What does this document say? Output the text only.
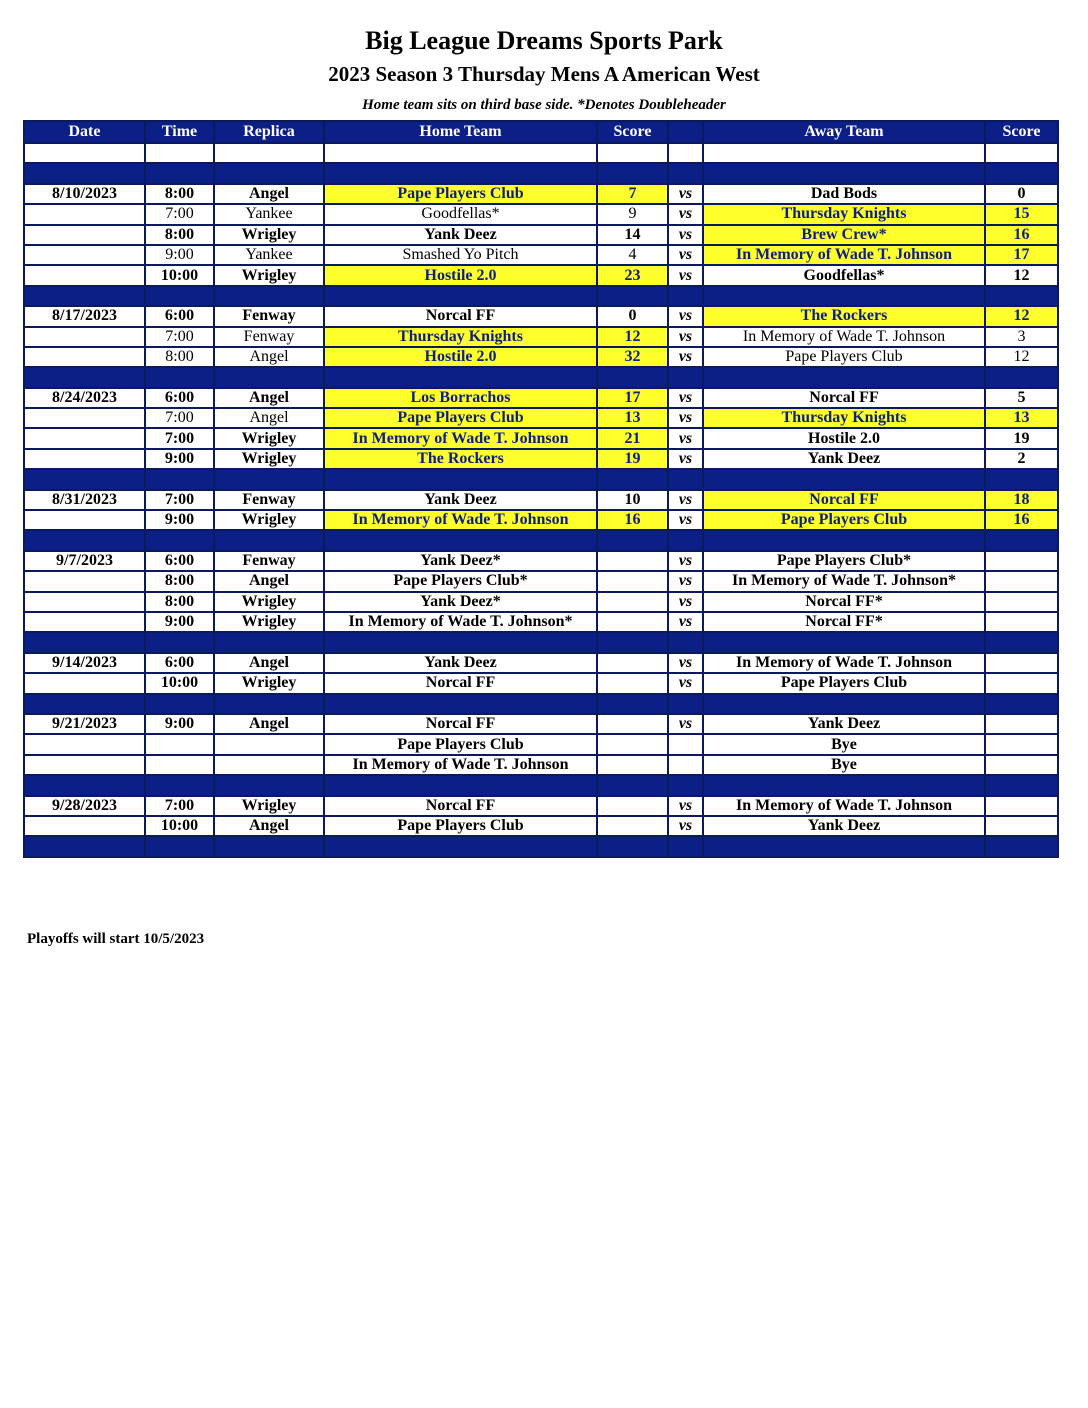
Big League Dreams Sports Park
2023 Season 3 Thursday Mens A American West
Home team sits on third base side. *Denotes Doubleheader
Date	Time	Replica	Home Team	Score		Away Team	Score

8/10/2023	8:00	Angel	Pape Players Club	7	vs	Dad Bods	0
	7:00	Yankee	Goodfellas*	9	vs	Thursday Knights	15
	8:00	Wrigley	Yank Deez	14	vs	Brew Crew*	16
	9:00	Yankee	Smashed Yo Pitch	4	vs	In Memory of Wade T. Johnson	17
	10:00	Wrigley	Hostile 2.0	23	vs	Goodfellas*	12

8/17/2023	6:00	Fenway	Norcal FF	0	vs	The Rockers	12
	7:00	Fenway	Thursday Knights	12	vs	In Memory of Wade T. Johnson	3
	8:00	Angel	Hostile 2.0	32	vs	Pape Players Club	12

8/24/2023	6:00	Angel	Los Borrachos	17	vs	Norcal FF	5
	7:00	Angel	Pape Players Club	13	vs	Thursday Knights	13
	7:00	Wrigley	In Memory of Wade T. Johnson	21	vs	Hostile 2.0	19
	9:00	Wrigley	The Rockers	19	vs	Yank Deez	2

8/31/2023	7:00	Fenway	Yank Deez	10	vs	Norcal FF	18
	9:00	Wrigley	In Memory of Wade T. Johnson	16	vs	Pape Players Club	16

9/7/2023	6:00	Fenway	Yank Deez*		vs	Pape Players Club*	
	8:00	Angel	Pape Players Club*		vs	In Memory of Wade T. Johnson*	
	8:00	Wrigley	Yank Deez*		vs	Norcal FF*	
	9:00	Wrigley	In Memory of Wade T. Johnson*		vs	Norcal FF*	

9/14/2023	6:00	Angel	Yank Deez		vs	In Memory of Wade T. Johnson	
	10:00	Wrigley	Norcal FF		vs	Pape Players Club	

9/21/2023	9:00	Angel	Norcal FF		vs	Yank Deez	
			Pape Players Club			Bye	
			In Memory of Wade T. Johnson			Bye	

9/28/2023	7:00	Wrigley	Norcal FF		vs	In Memory of Wade T. Johnson	
	10:00	Angel	Pape Players Club		vs	Yank Deez	

Playoffs will start 10/5/2023
